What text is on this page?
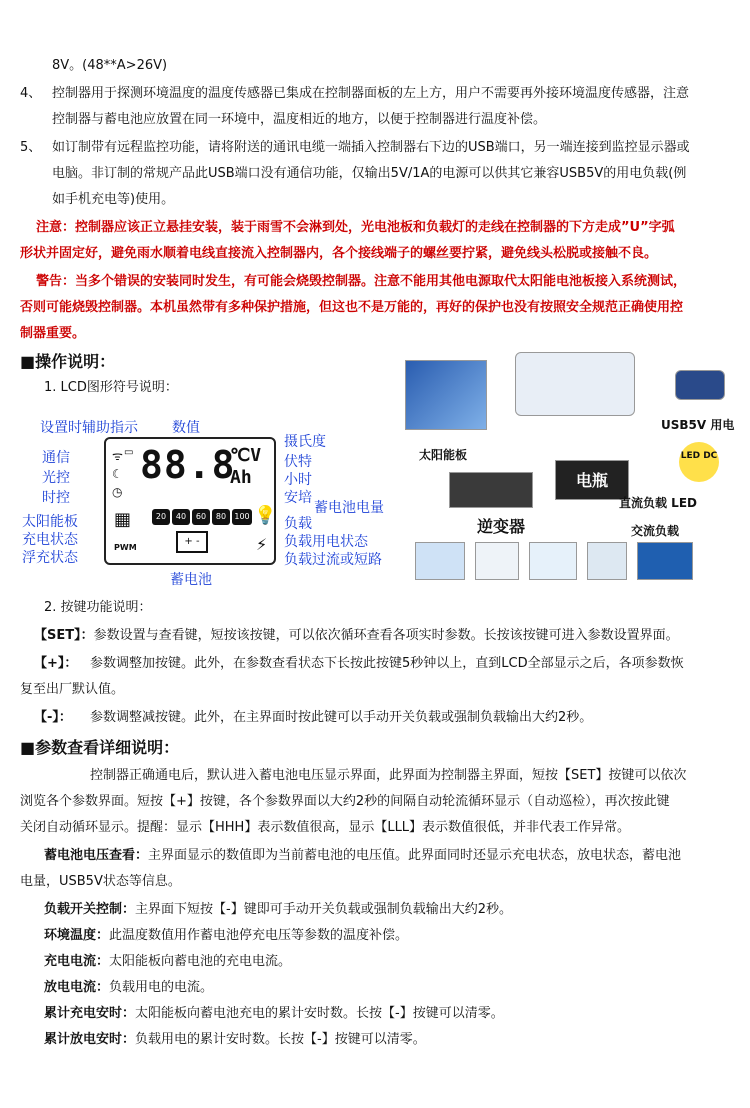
8V。(48**A>26V)
4、 控制器用于探测环境温度的温度传感器已集成在控制器面板的左上方，用户不需要再外接环境温度传感器，注意
控制器与蓄电池应放置在同一环境中，温度相近的地方，以便于控制器进行温度补偿。
5、 如订制带有远程监控功能，请将附送的通讯电缆一端插入控制器右下边的USB端口，另一端连接到监控显示器或
电脑。非订制的常规产品此USB端口没有通信功能，仅输出5V/1A的电源可以供其它兼容USB5V的用电负载(例
如手机充电等)使用。
注意：控制器应该正立悬挂安装，装于雨雪不会淋到处，光电池板和负载灯的走线在控制器的下方走成”U”字弧
形状并固定好，避免雨水顺着电线直接流入控制器内，各个接线端子的螺丝要拧紧，避免线头松脱或接触不良。
警告：当多个错误的安装同时发生，有可能会烧毁控制器。注意不能用其他电源取代太阳能电池板接入系统测试，
否则可能烧毁控制器。本机虽然带有多种保护措施，但这也不是万能的，再好的保护也没有按照安全规范正确使用控
制器重要。
■操作说明：
1. LCD图形符号说明：
设置时辅助指示 数值
通信
光控
时控
摄氏度
伏特
小时
安培
太阳能板
充电状态
浮充状态
蓄电池电量
负载
负载用电状态
负载过流或短路
蓄电池
88.8
℃V
Ah
ᯤ
☾
◷
▭
20	40	60	80	100
▦	💡
+ -
PWM	⚡
太阳能板
USB5V 用电
LED DC
电瓶
逆变器
直流负载 LED
交流负载
2. 按键功能说明：
【SET】：参数设置与查看键，短按该按键，可以依次循环查看各项实时参数。长按该按键可进入参数设置界面。
【+】： 参数调整加按键。此外，在参数查看状态下长按此按键5秒钟以上，直到LCD全部显示之后，各项参数恢
复至出厂默认值。
【-】： 参数调整减按键。此外，在主界面时按此键可以手动开关负载或强制负载输出大约2秒。
■参数查看详细说明：
控制器正确通电后，默认进入蓄电池电压显示界面，此界面为控制器主界面，短按【SET】按键可以依次
浏览各个参数界面。短按【+】按键，各个参数界面以大约2秒的间隔自动轮流循环显示（自动巡检），再次按此键
关闭自动循环显示。提醒：显示【HHH】表示数值很高，显示【LLL】表示数值很低，并非代表工作异常。
蓄电池电压查看：主界面显示的数值即为当前蓄电池的电压值。此界面同时还显示充电状态，放电状态，蓄电池
电量，USB5V状态等信息。
负载开关控制：主界面下短按【-】键即可手动开关负载或强制负载输出大约2秒。
环境温度：此温度数值用作蓄电池停充电压等参数的温度补偿。
充电电流：太阳能板向蓄电池的充电电流。
放电电流：负载用电的电流。
累计充电安时：太阳能板向蓄电池充电的累计安时数。长按【-】按键可以清零。
累计放电安时：负载用电的累计安时数。长按【-】按键可以清零。
